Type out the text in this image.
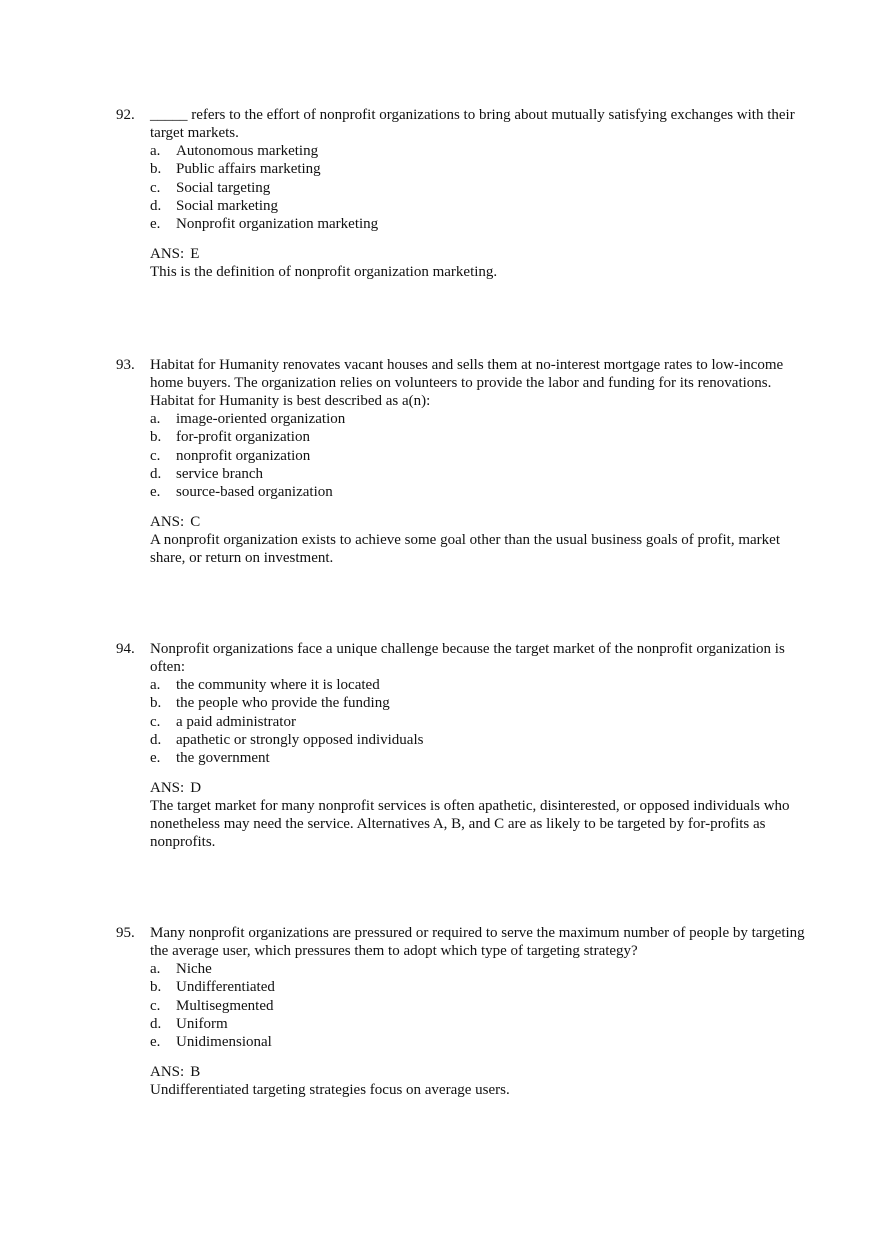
92. _____ refers to the effort of nonprofit organizations to bring about mutually satisfying exchanges with their target markets.
a. Autonomous marketing
b. Public affairs marketing
c. Social targeting
d. Social marketing
e. Nonprofit organization marketing
ANS: E
This is the definition of nonprofit organization marketing.
93. Habitat for Humanity renovates vacant houses and sells them at no-interest mortgage rates to low-income home buyers. The organization relies on volunteers to provide the labor and funding for its renovations. Habitat for Humanity is best described as a(n):
a. image-oriented organization
b. for-profit organization
c. nonprofit organization
d. service branch
e. source-based organization
ANS: C
A nonprofit organization exists to achieve some goal other than the usual business goals of profit, market share, or return on investment.
94. Nonprofit organizations face a unique challenge because the target market of the nonprofit organization is often:
a. the community where it is located
b. the people who provide the funding
c. a paid administrator
d. apathetic or strongly opposed individuals
e. the government
ANS: D
The target market for many nonprofit services is often apathetic, disinterested, or opposed individuals who nonetheless may need the service. Alternatives A, B, and C are as likely to be targeted by for-profits as nonprofits.
95. Many nonprofit organizations are pressured or required to serve the maximum number of people by targeting the average user, which pressures them to adopt which type of targeting strategy?
a. Niche
b. Undifferentiated
c. Multisegmented
d. Uniform
e. Unidimensional
ANS: B
Undifferentiated targeting strategies focus on average users.
